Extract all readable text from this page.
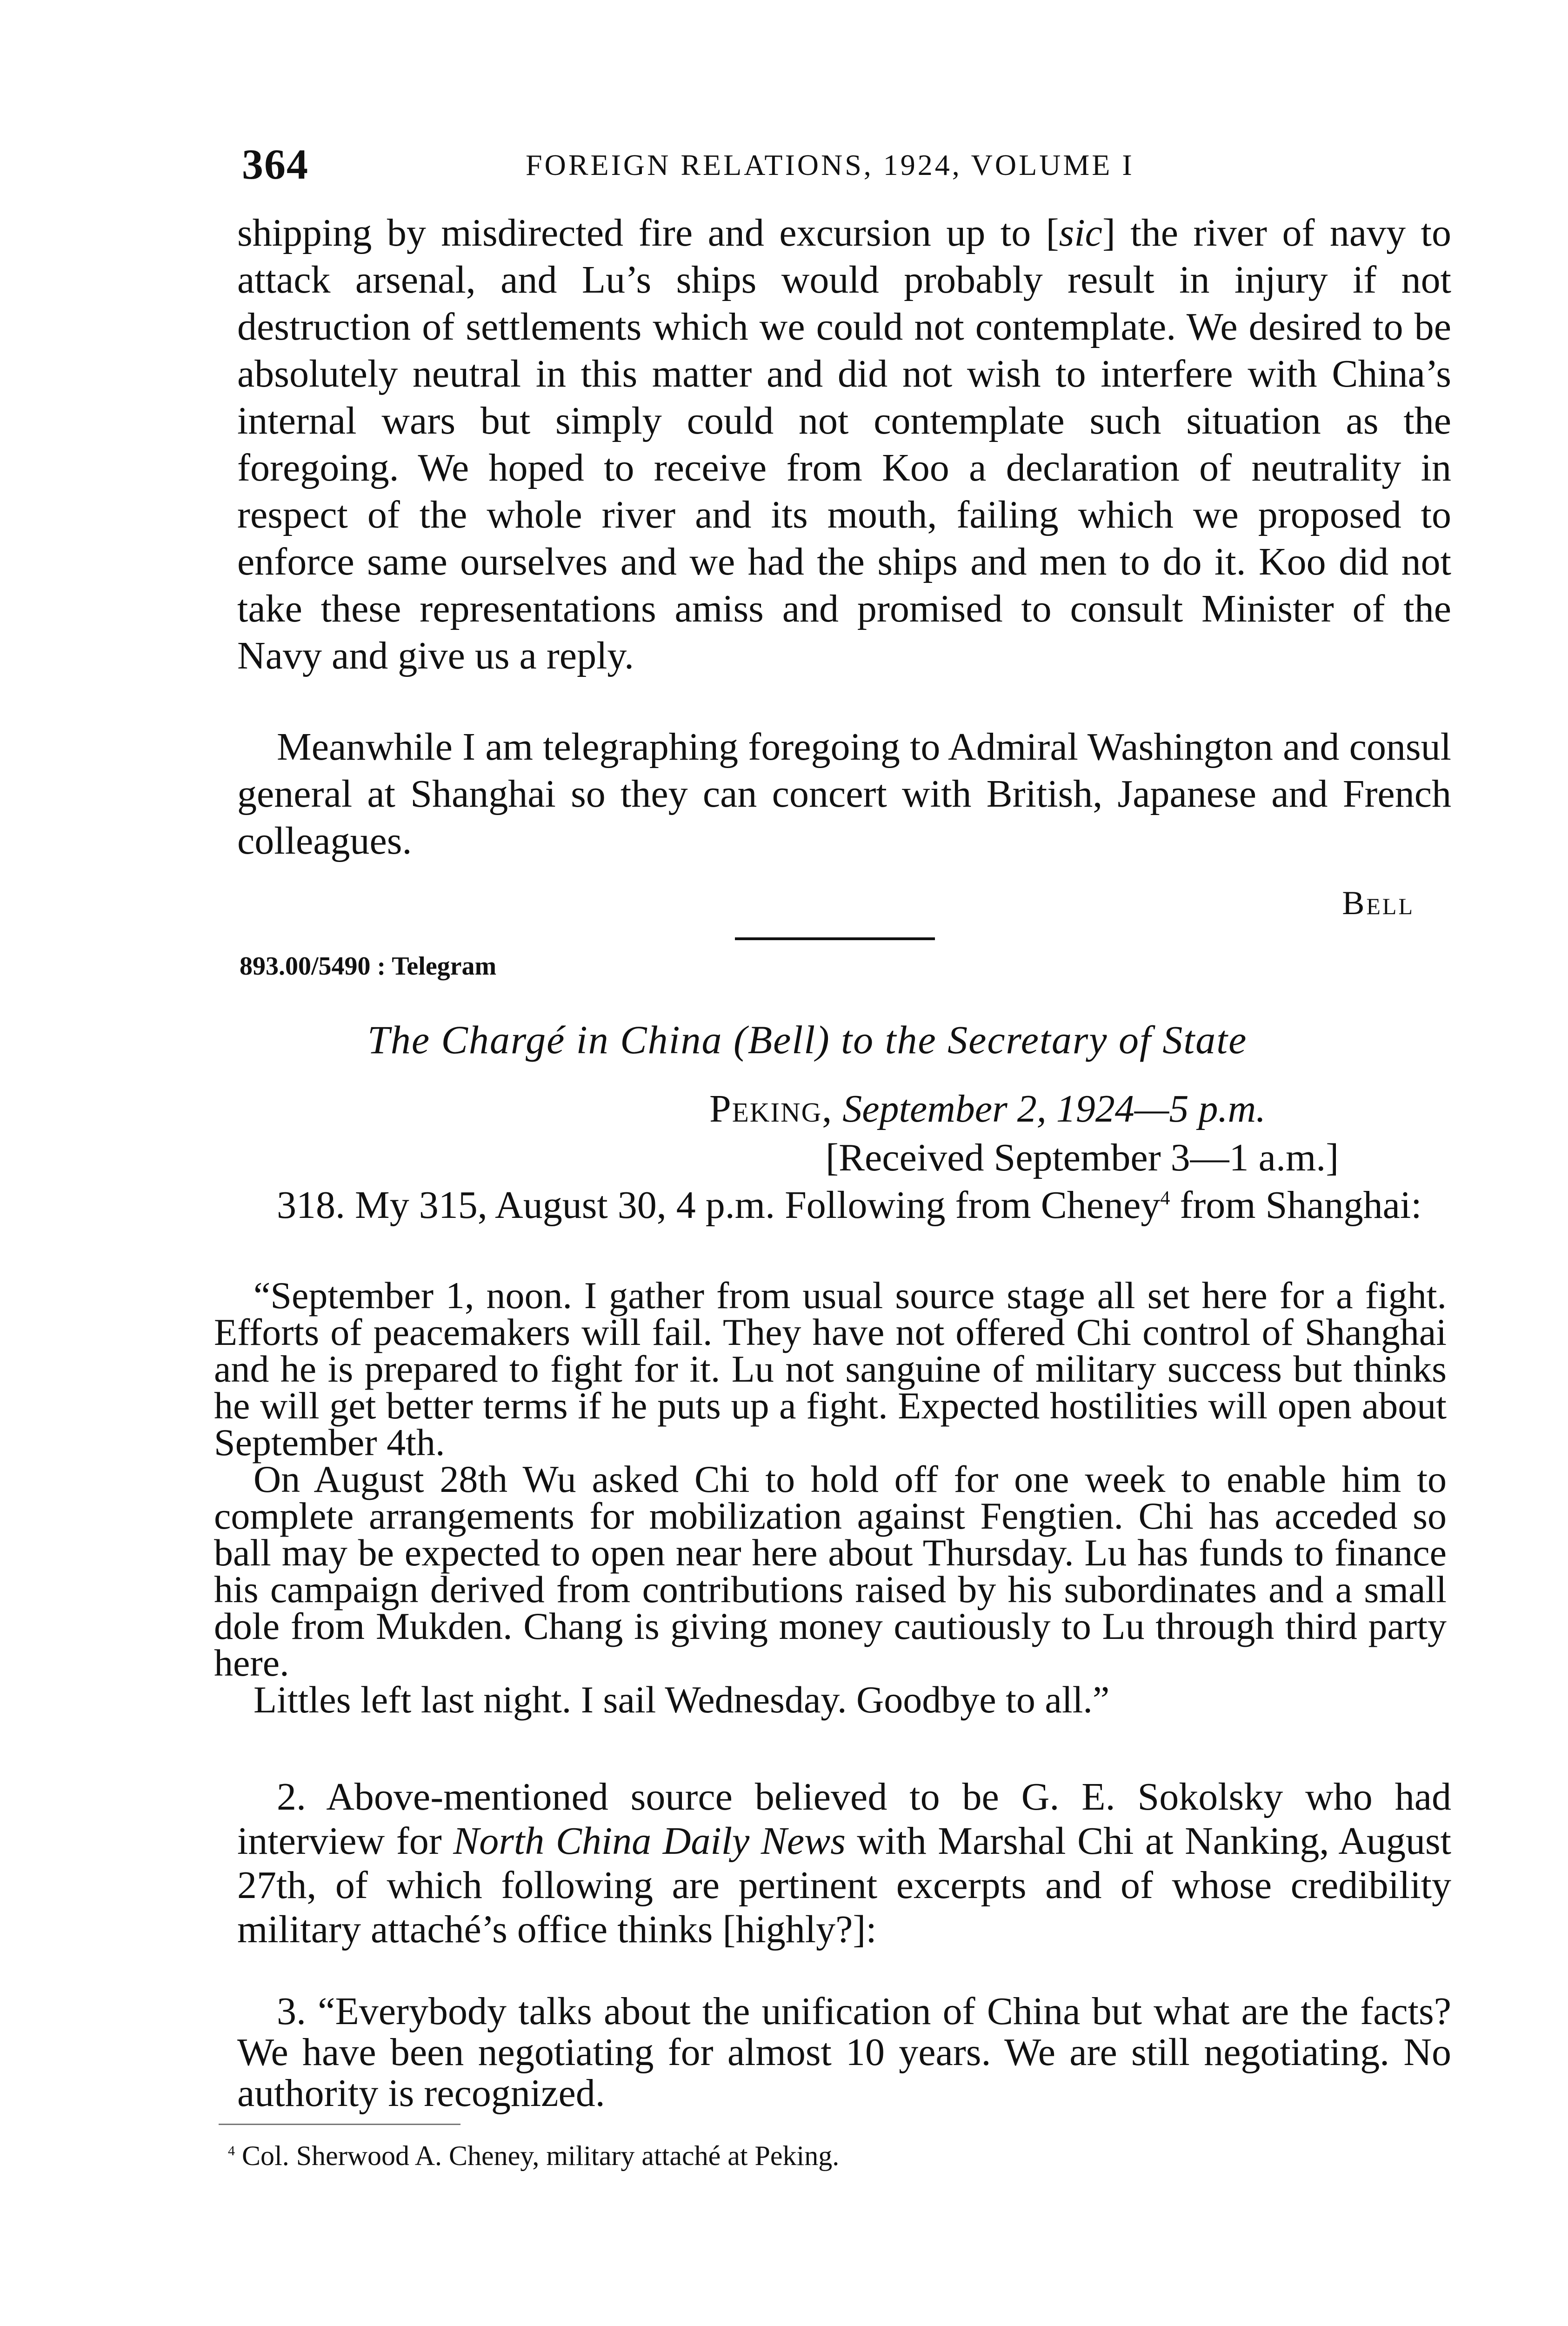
364	FOREIGN RELATIONS, 1924, VOLUME I

shipping by misdirected fire and excursion up to [sic] the river of navy to attack arsenal, and Lu’s ships would probably result in injury if not destruction of settlements which we could not contemplate. We desired to be absolutely neutral in this matter and did not wish to interfere with China’s internal wars but simply could not contemplate such situation as the foregoing. We hoped to receive from Koo a declaration of neutrality in respect of the whole river and its mouth, failing which we proposed to enforce same ourselves and we had the ships and men to do it. Koo did not take these representations amiss and promised to consult Minister of the Navy and give us a reply.

Meanwhile I am telegraphing foregoing to Admiral Washington and consul general at Shanghai so they can concert with British, Japanese and French colleagues.

Bell
893.00/5490 : Telegram
The Chargé in China (Bell) to the Secretary of State
Peking, September 2, 1924—5 p.m.
[Received September 3—1 a.m.]

318. My 315, August 30, 4 p.m. Following from Cheney$^4$ from Shanghai:

“September 1, noon. I gather from usual source stage all set here for a fight. Efforts of peacemakers will fail. They have not offered Chi control of Shanghai and he is prepared to fight for it. Lu not sanguine of military success but thinks he will get better terms if he puts up a fight. Expected hostilities will open about September 4th.

On August 28th Wu asked Chi to hold off for one week to enable him to complete arrangements for mobilization against Fengtien. Chi has acceded so ball may be expected to open near here about Thursday. Lu has funds to finance his campaign derived from contributions raised by his subordinates and a small dole from Mukden. Chang is giving money cautiously to Lu through third party here.

Littles left last night. I sail Wednesday. Goodbye to all.”

2. Above-mentioned source believed to be G. E. Sokolsky who had interview for North China Daily News with Marshal Chi at Nanking, August 27th, of which following are pertinent excerpts and of whose credibility military attaché’s office thinks [highly?]:

3. “Everybody talks about the unification of China but what are the facts? We have been negotiating for almost 10 years. We are still negotiating. No authority is recognized.

$^4$ Col. Sherwood A. Cheney, military attaché at Peking.
